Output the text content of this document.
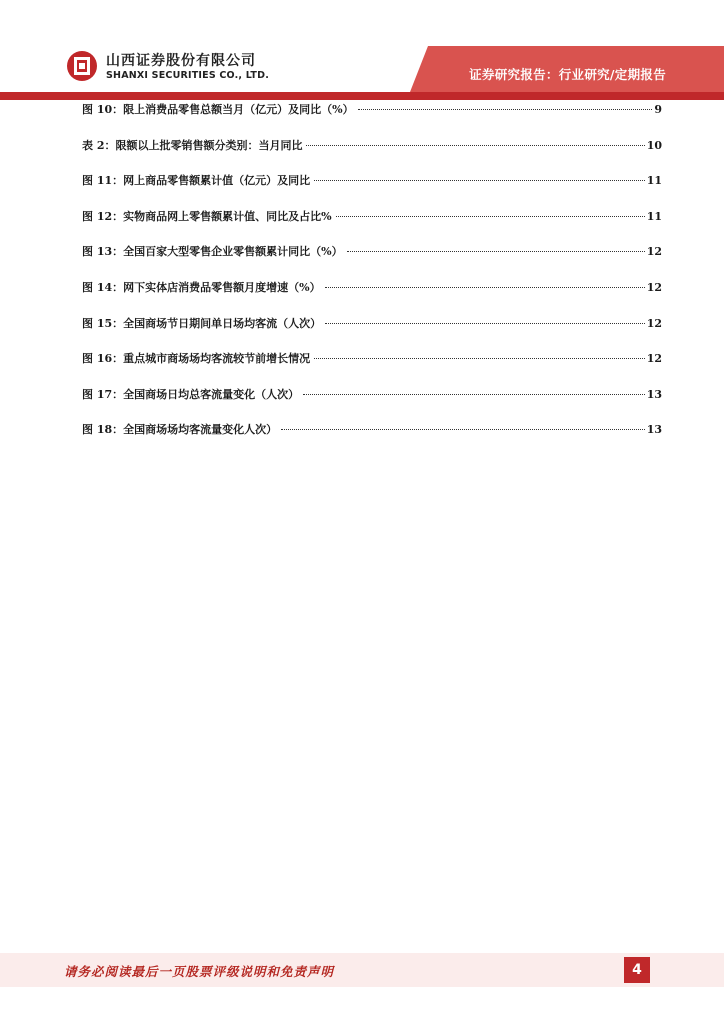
山西证券股份有限公司
SHANXI SECURITIES CO., LTD.	证券研究报告：行业研究/定期报告
图 10：限上消费品零售总额当月（亿元）及同比（%）	9
表 2：限额以上批零销售额分类别：当月同比	10
图 11：网上商品零售额累计值（亿元）及同比	11
图 12：实物商品网上零售额累计值、同比及占比%	11
图 13：全国百家大型零售企业零售额累计同比（%）	12
图 14：网下实体店消费品零售额月度增速（%）	12
图 15：全国商场节日期间单日场均客流（人次）	12
图 16：重点城市商场场均客流较节前增长情况	12
图 17：全国商场日均总客流量变化（人次）	13
图 18：全国商场场均客流量变化人次）	13
请务必阅读最后一页股票评级说明和免责声明	4
